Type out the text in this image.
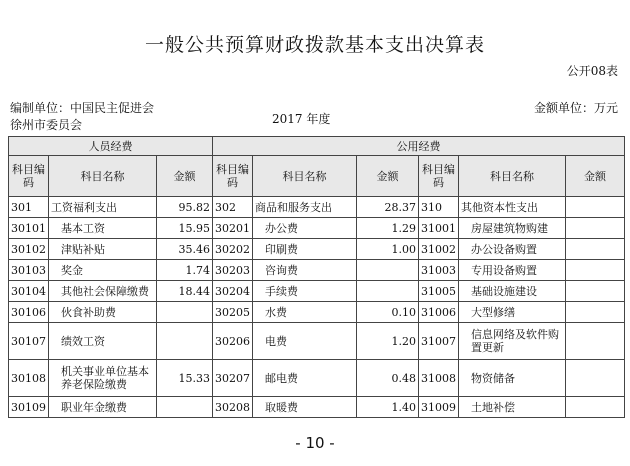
一般公共预算财政拨款基本支出决算表
公开08表
编制单位：中国民主促进会徐州市委员会	2017 年度
金额单位：万元
人员经费			公用经费					
科目编码	科目名称	金额	科目编码	科目名称	金额	科目编码	科目名称	金额
301	工资福利支出	95.82	302	商品和服务支出	28.37	310	其他资本性支出	
30101	基本工资	15.95	30201	办公费	1.29	31001	房屋建筑物购建	
30102	津贴补贴	35.46	30202	印刷费	1.00	31002	办公设备购置	
30103	奖金	1.74	30203	咨询费		31003	专用设备购置	
30104	其他社会保障缴费	18.44	30204	手续费		31005	基础设施建设	
30106	伙食补助费		30205	水费	0.10	31006	大型修缮	
30107	绩效工资		30206	电费	1.20	31007	信息网络及软件购置更新	
30108	机关事业单位基本养老保险缴费	15.33	30207	邮电费	0.48	31008	物资储备	
30109	职业年金缴费		30208	取暖费	1.40	31009	土地补偿	
- 10 -
